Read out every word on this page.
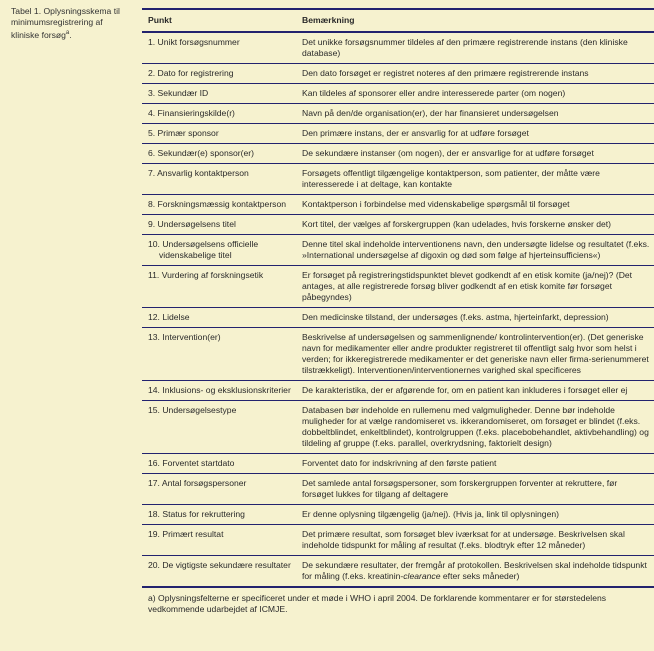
Tabel 1. Oplysningsskema til minimumsregistrering af kliniske forsøg$^a$.
Punkt	Bemærkning

1. Unikt forsøgsnummer	Det unikke forsøgsnummer tildeles af den primære registrerende instans (den kliniske database)

2. Dato for registrering	Den dato forsøget er registret noteres af den primære registrerende instans

3. Sekundær ID	Kan tildeles af sponsorer eller andre interesserede parter (om nogen)

4. Finansieringskilde(r)	Navn på den/de organisation(er), der har finansieret undersøgelsen

5. Primær sponsor	Den primære instans, der er ansvarlig for at udføre forsøget

6. Sekundær(e) sponsor(er)	De sekundære instanser (om nogen), der er ansvarlige for at udføre forsøget

7. Ansvarlig kontaktperson	Forsøgets offentligt tilgængelige kontaktperson, som patienter, der måtte være interesserede i at deltage, kan kontakte

8. Forskningsmæssig kontaktperson	Kontaktperson i forbindelse med videnskabelige spørgsmål til forsøget

9. Undersøgelsens titel	Kort titel, der vælges af forskergruppen (kan udelades, hvis forskerne ønsker det)

10. Undersøgelsens officielle videnskabelige titel	Denne titel skal indeholde interventionens navn, den undersøgte lidelse og resultatet (f.eks. »International undersøgelse af digoxin og død som følge af hjerteinsufficiens«)

11. Vurdering af forskningsetik	Er forsøget på registreringstidspunktet blevet godkendt af en etisk komite (ja/nej)? (Det antages, at alle registrerede forsøg bliver godkendt af en etisk komite før forsøget påbegyndes)

12. Lidelse	Den medicinske tilstand, der undersøges (f.eks. astma, hjerteinfarkt, depression)

13. Intervention(er)	Beskrivelse af undersøgelsen og sammenlignende/ kontrolintervention(er). (Det generiske navn for medikamenter eller andre produkter registreret til offentligt salg hvor som helst i verden; for ikkeregistrerede medikamenter er det generiske navn eller firma-serienummeret tilstrækkeligt). Interventionen/interventionernes varighed skal specificeres
14. Inklusions- og eksklusionskriterier	De karakteristika, der er afgørende for, om en patient kan inkluderes i forsøget eller ej

15. Undersøgelsestype	Databasen bør indeholde en rullemenu med valgmuligheder. Denne bør indeholde muligheder for at vælge randomiseret vs. ikkerandomiseret, om forsøget er blindet (f.eks. dobbeltblindet, enkeltblindet), kontrolgruppen (f.eks. placebobehandlet, aktivbehandling) og tildeling af gruppe (f.eks. parallel, overkrydsning, faktorielt design)

16. Forventet startdato	Forventet dato for indskrivning af den første patient

17. Antal forsøgspersoner	Det samlede antal forsøgspersoner, som forskergruppen forventer at rekruttere, før forsøget lukkes for tilgang af deltagere

18. Status for rekruttering	Er denne oplysning tilgængelig (ja/nej). (Hvis ja, link til oplysningen)

19. Primært resultat	Det primære resultat, som forsøget blev iværksat for at undersøge. Beskrivelsen skal indeholde tidspunkt for måling af resultat (f.eks. blodtryk efter 12 måneder)
20. De vigtigste sekundære resultater	De sekundære resultater, der fremgår af protokollen. Beskrivelsen skal indeholde tidspunkt for måling (f.eks. kreatinin-clearance efter seks måneder)
a) Oplysningsfelterne er specificeret under et møde i WHO i april 2004. De forklarende kommentarer er for størstedelens vedkommende udarbejdet af ICMJE.	
